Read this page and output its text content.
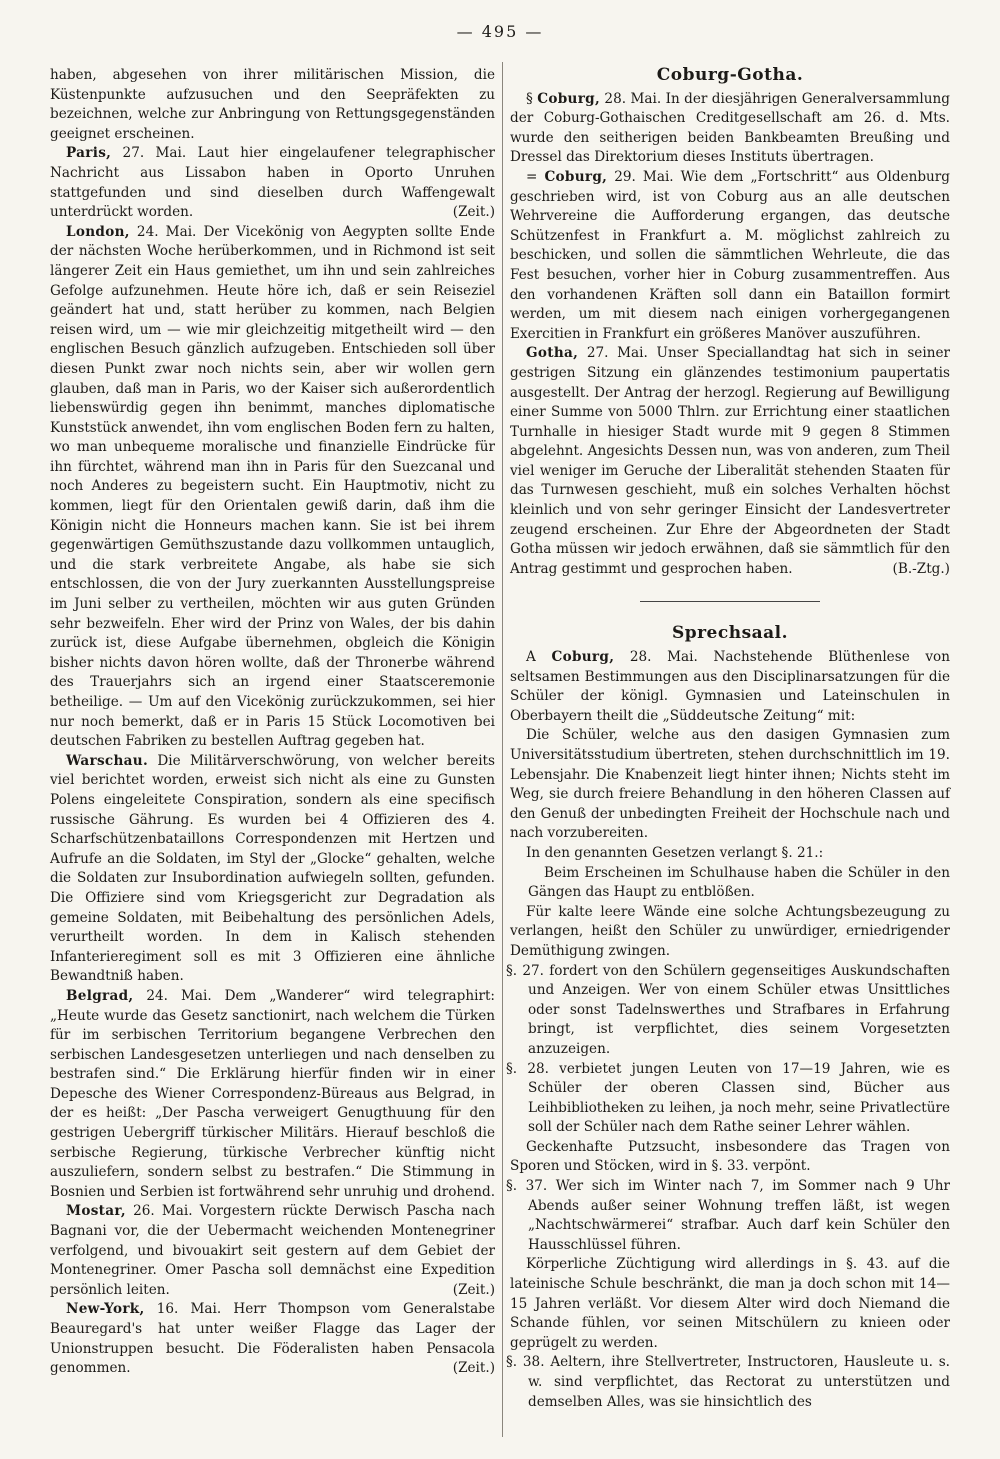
— 495 —

haben, abgesehen von ihrer militärischen Mission, die Küstenpunkte aufzusuchen und den Seepräfekten zu bezeichnen, welche zur Anbringung von Rettungsgegenständen geeignet erscheinen.

Paris, 27. Mai. Laut hier eingelaufener telegraphischer Nachricht aus Lissabon haben in Oporto Unruhen stattgefunden und sind dieselben durch Waffengewalt unterdrückt worden.	(Zeit.)

London, 24. Mai. Der Vicekönig von Aegypten sollte Ende der nächsten Woche herüberkommen, und in Richmond ist seit längerer Zeit ein Haus gemiethet, um ihn und sein zahlreiches Gefolge aufzunehmen. Heute höre ich, daß er sein Reiseziel geändert hat und, statt herüber zu kommen, nach Belgien reisen wird, um — wie mir gleichzeitig mitgetheilt wird — den englischen Besuch gänzlich aufzugeben. Entschieden soll über diesen Punkt zwar noch nichts sein, aber wir wollen gern glauben, daß man in Paris, wo der Kaiser sich außerordentlich liebenswürdig gegen ihn benimmt, manches diplomatische Kunststück anwendet, ihn vom englischen Boden fern zu halten, wo man unbequeme moralische und finanzielle Eindrücke für ihn fürchtet, während man ihn in Paris für den Suezcanal und noch Anderes zu begeistern sucht. Ein Hauptmotiv, nicht zu kommen, liegt für den Orientalen gewiß darin, daß ihm die Königin nicht die Honneurs machen kann. Sie ist bei ihrem gegenwärtigen Gemüthszustande dazu vollkommen untauglich, und die stark verbreitete Angabe, als habe sie sich entschlossen, die von der Jury zuerkannten Ausstellungspreise im Juni selber zu vertheilen, möchten wir aus guten Gründen sehr bezweifeln. Eher wird der Prinz von Wales, der bis dahin zurück ist, diese Aufgabe übernehmen, obgleich die Königin bisher nichts davon hören wollte, daß der Thronerbe während des Trauerjahrs sich an irgend einer Staatsceremonie betheilige. — Um auf den Vicekönig zurückzukommen, sei hier nur noch bemerkt, daß er in Paris 15 Stück Locomotiven bei deutschen Fabriken zu bestellen Auftrag gegeben hat.

Warschau. Die Militärverschwörung, von welcher bereits viel berichtet worden, erweist sich nicht als eine zu Gunsten Polens eingeleitete Conspiration, sondern als eine specifisch russische Gährung. Es wurden bei 4 Offizieren des 4. Scharfschützenbataillons Correspondenzen mit Hertzen und Aufrufe an die Soldaten, im Styl der „Glocke“ gehalten, welche die Soldaten zur Insubordination aufwiegeln sollten, gefunden. Die Offiziere sind vom Kriegsgericht zur Degradation als gemeine Soldaten, mit Beibehaltung des persönlichen Adels, verurtheilt worden. In dem in Kalisch stehenden Infanterieregiment soll es mit 3 Offizieren eine ähnliche Bewandtniß haben.

Belgrad, 24. Mai. Dem „Wanderer“ wird telegraphirt: „Heute wurde das Gesetz sanctionirt, nach welchem die Türken für im serbischen Territorium begangene Verbrechen den serbischen Landesgesetzen unterliegen und nach denselben zu bestrafen sind.“ Die Erklärung hierfür finden wir in einer Depesche des Wiener Correspondenz-Büreaus aus Belgrad, in der es heißt: „Der Pascha verweigert Genugthuung für den gestrigen Uebergriff türkischer Militärs. Hierauf beschloß die serbische Regierung, türkische Verbrecher künftig nicht auszuliefern, sondern selbst zu bestrafen.“ Die Stimmung in Bosnien und Serbien ist fortwährend sehr unruhig und drohend.

Mostar, 26. Mai. Vorgestern rückte Derwisch Pascha nach Bagnani vor, die der Uebermacht weichenden Montenegriner verfolgend, und bivouakirt seit gestern auf dem Gebiet der Montenegriner. Omer Pascha soll demnächst eine Expedition persönlich leiten.	(Zeit.)

New-York, 16. Mai. Herr Thompson vom Generalstabe Beauregard's hat unter weißer Flagge das Lager der Unionstruppen besucht. Die Föderalisten haben Pensacola genommen.	(Zeit.)

Coburg-Gotha.

§ Coburg, 28. Mai. In der diesjährigen Generalversammlung der Coburg-Gothaischen Creditgesellschaft am 26. d. Mts. wurde den seitherigen beiden Bankbeamten Breußing und Dressel das Direktorium dieses Instituts übertragen.

= Coburg, 29. Mai. Wie dem „Fortschritt“ aus Oldenburg geschrieben wird, ist von Coburg aus an alle deutschen Wehrvereine die Aufforderung ergangen, das deutsche Schützenfest in Frankfurt a. M. möglichst zahlreich zu beschicken, und sollen die sämmtlichen Wehrleute, die das Fest besuchen, vorher hier in Coburg zusammentreffen. Aus den vorhandenen Kräften soll dann ein Bataillon formirt werden, um mit diesem nach einigen vorhergegangenen Exercitien in Frankfurt ein größeres Manöver auszuführen.

Gotha, 27. Mai. Unser Speciallandtag hat sich in seiner gestrigen Sitzung ein glänzendes testimonium paupertatis ausgestellt. Der Antrag der herzogl. Regierung auf Bewilligung einer Summe von 5000 Thlrn. zur Errichtung einer staatlichen Turnhalle in hiesiger Stadt wurde mit 9 gegen 8 Stimmen abgelehnt. Angesichts Dessen nun, was von anderen, zum Theil viel weniger im Geruche der Liberalität stehenden Staaten für das Turnwesen geschieht, muß ein solches Verhalten höchst kleinlich und von sehr geringer Einsicht der Landesvertreter zeugend erscheinen. Zur Ehre der Abgeordneten der Stadt Gotha müssen wir jedoch erwähnen, daß sie sämmtlich für den Antrag gestimmt und gesprochen haben.	(B.-Ztg.)

Sprechsaal.

A Coburg, 28. Mai. Nachstehende Blüthenlese von seltsamen Bestimmungen aus den Disciplinarsatzungen für die Schüler der königl. Gymnasien und Lateinschulen in Oberbayern theilt die „Süddeutsche Zeitung“ mit:

Die Schüler, welche aus den dasigen Gymnasien zum Universitätsstudium übertreten, stehen durchschnittlich im 19. Lebensjahr. Die Knabenzeit liegt hinter ihnen; Nichts steht im Weg, sie durch freiere Behandlung in den höheren Classen auf den Genuß der unbedingten Freiheit der Hochschule nach und nach vorzubereiten.

In den genannten Gesetzen verlangt §. 21.:

Beim Erscheinen im Schulhause haben die Schüler in den Gängen das Haupt zu entblößen.

Für kalte leere Wände eine solche Achtungsbezeugung zu verlangen, heißt den Schüler zu unwürdiger, erniedrigender Demüthigung zwingen.

§. 27. fordert von den Schülern gegenseitiges Auskundschaften und Anzeigen. Wer von einem Schüler etwas Unsittliches oder sonst Tadelnswerthes und Strafbares in Erfahrung bringt, ist verpflichtet, dies seinem Vorgesetzten anzuzeigen.

§. 28. verbietet jungen Leuten von 17—19 Jahren, wie es Schüler der oberen Classen sind, Bücher aus Leihbibliotheken zu leihen, ja noch mehr, seine Privatlectüre soll der Schüler nach dem Rathe seiner Lehrer wählen.

Geckenhafte Putzsucht, insbesondere das Tragen von Sporen und Stöcken, wird in §. 33. verpönt.

§. 37. Wer sich im Winter nach 7, im Sommer nach 9 Uhr Abends außer seiner Wohnung treffen läßt, ist wegen „Nachtschwärmerei“ strafbar. Auch darf kein Schüler den Hausschlüssel führen.

Körperliche Züchtigung wird allerdings in §. 43. auf die lateinische Schule beschränkt, die man ja doch schon mit 14—15 Jahren verläßt. Vor diesem Alter wird doch Niemand die Schande fühlen, vor seinen Mitschülern zu knieen oder geprügelt zu werden.

§. 38. Aeltern, ihre Stellvertreter, Instructoren, Hausleute u. s. w. sind verpflichtet, das Rectorat zu unterstützen und demselben Alles, was sie hinsichtlich des
